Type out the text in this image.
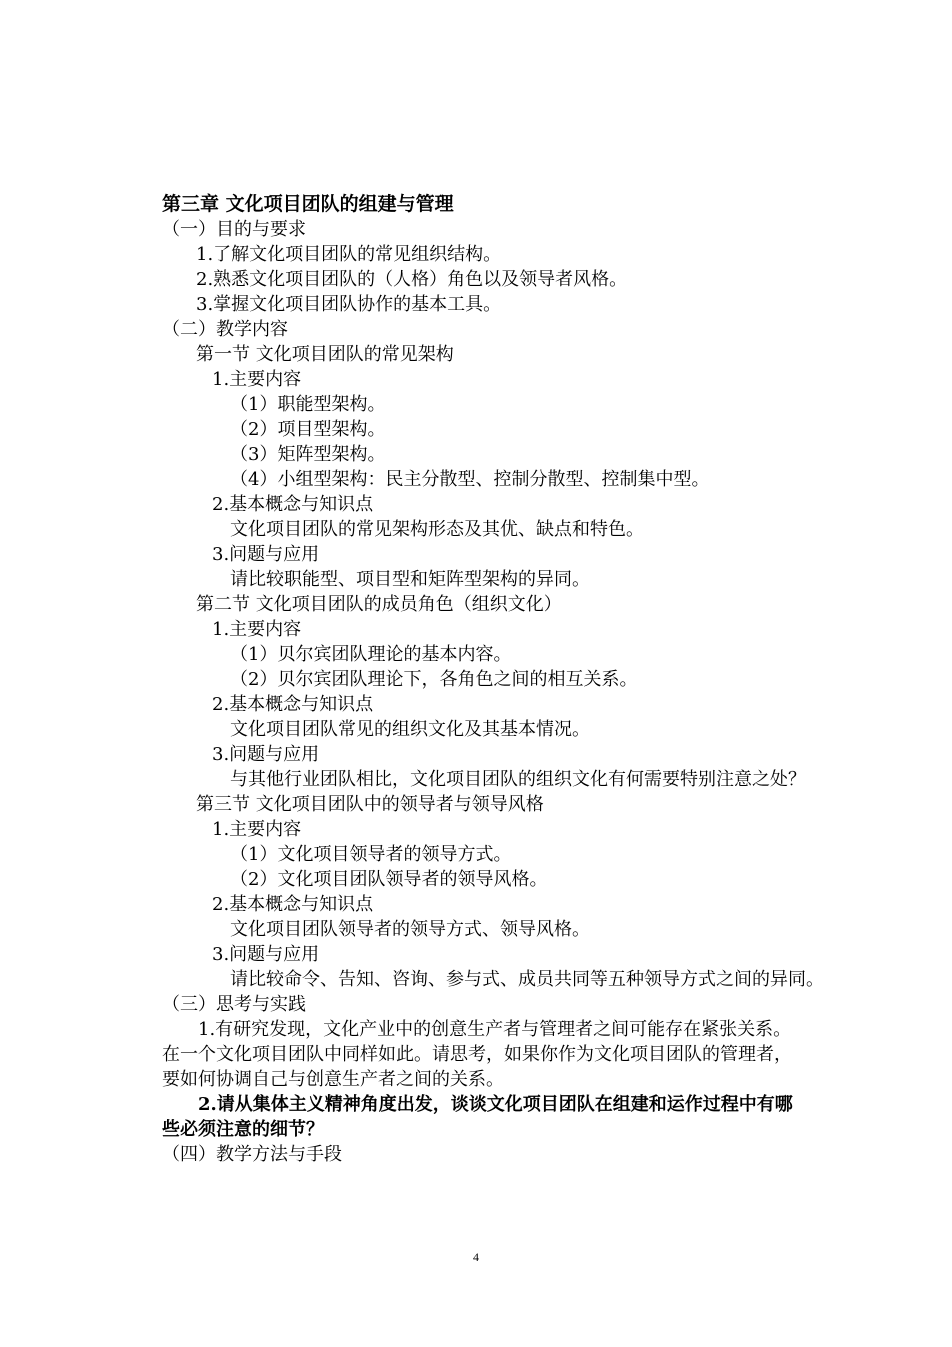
第三章 文化项目团队的组建与管理
（一）目的与要求
1.了解文化项目团队的常见组织结构。
2.熟悉文化项目团队的（人格）角色以及领导者风格。
3.掌握文化项目团队协作的基本工具。
（二）教学内容
第一节 文化项目团队的常见架构
1.主要内容
（1）职能型架构。
（2）项目型架构。
（3）矩阵型架构。
（4）小组型架构：民主分散型、控制分散型、控制集中型。
2.基本概念与知识点
文化项目团队的常见架构形态及其优、缺点和特色。
3.问题与应用
请比较职能型、项目型和矩阵型架构的异同。
第二节 文化项目团队的成员角色（组织文化）
1.主要内容
（1）贝尔宾团队理论的基本内容。
（2）贝尔宾团队理论下，各角色之间的相互关系。
2.基本概念与知识点
文化项目团队常见的组织文化及其基本情况。
3.问题与应用
与其他行业团队相比，文化项目团队的组织文化有何需要特别注意之处？
第三节 文化项目团队中的领导者与领导风格
1.主要内容
（1）文化项目领导者的领导方式。
（2）文化项目团队领导者的领导风格。
2.基本概念与知识点
文化项目团队领导者的领导方式、领导风格。
3.问题与应用
请比较命令、告知、咨询、参与式、成员共同等五种领导方式之间的异同。
（三）思考与实践
1.有研究发现，文化产业中的创意生产者与管理者之间可能存在紧张关系。
在一个文化项目团队中同样如此。请思考，如果你作为文化项目团队的管理者，
要如何协调自己与创意生产者之间的关系。
2.请从集体主义精神角度出发，谈谈文化项目团队在组建和运作过程中有哪
些必须注意的细节？
（四）教学方法与手段
4
